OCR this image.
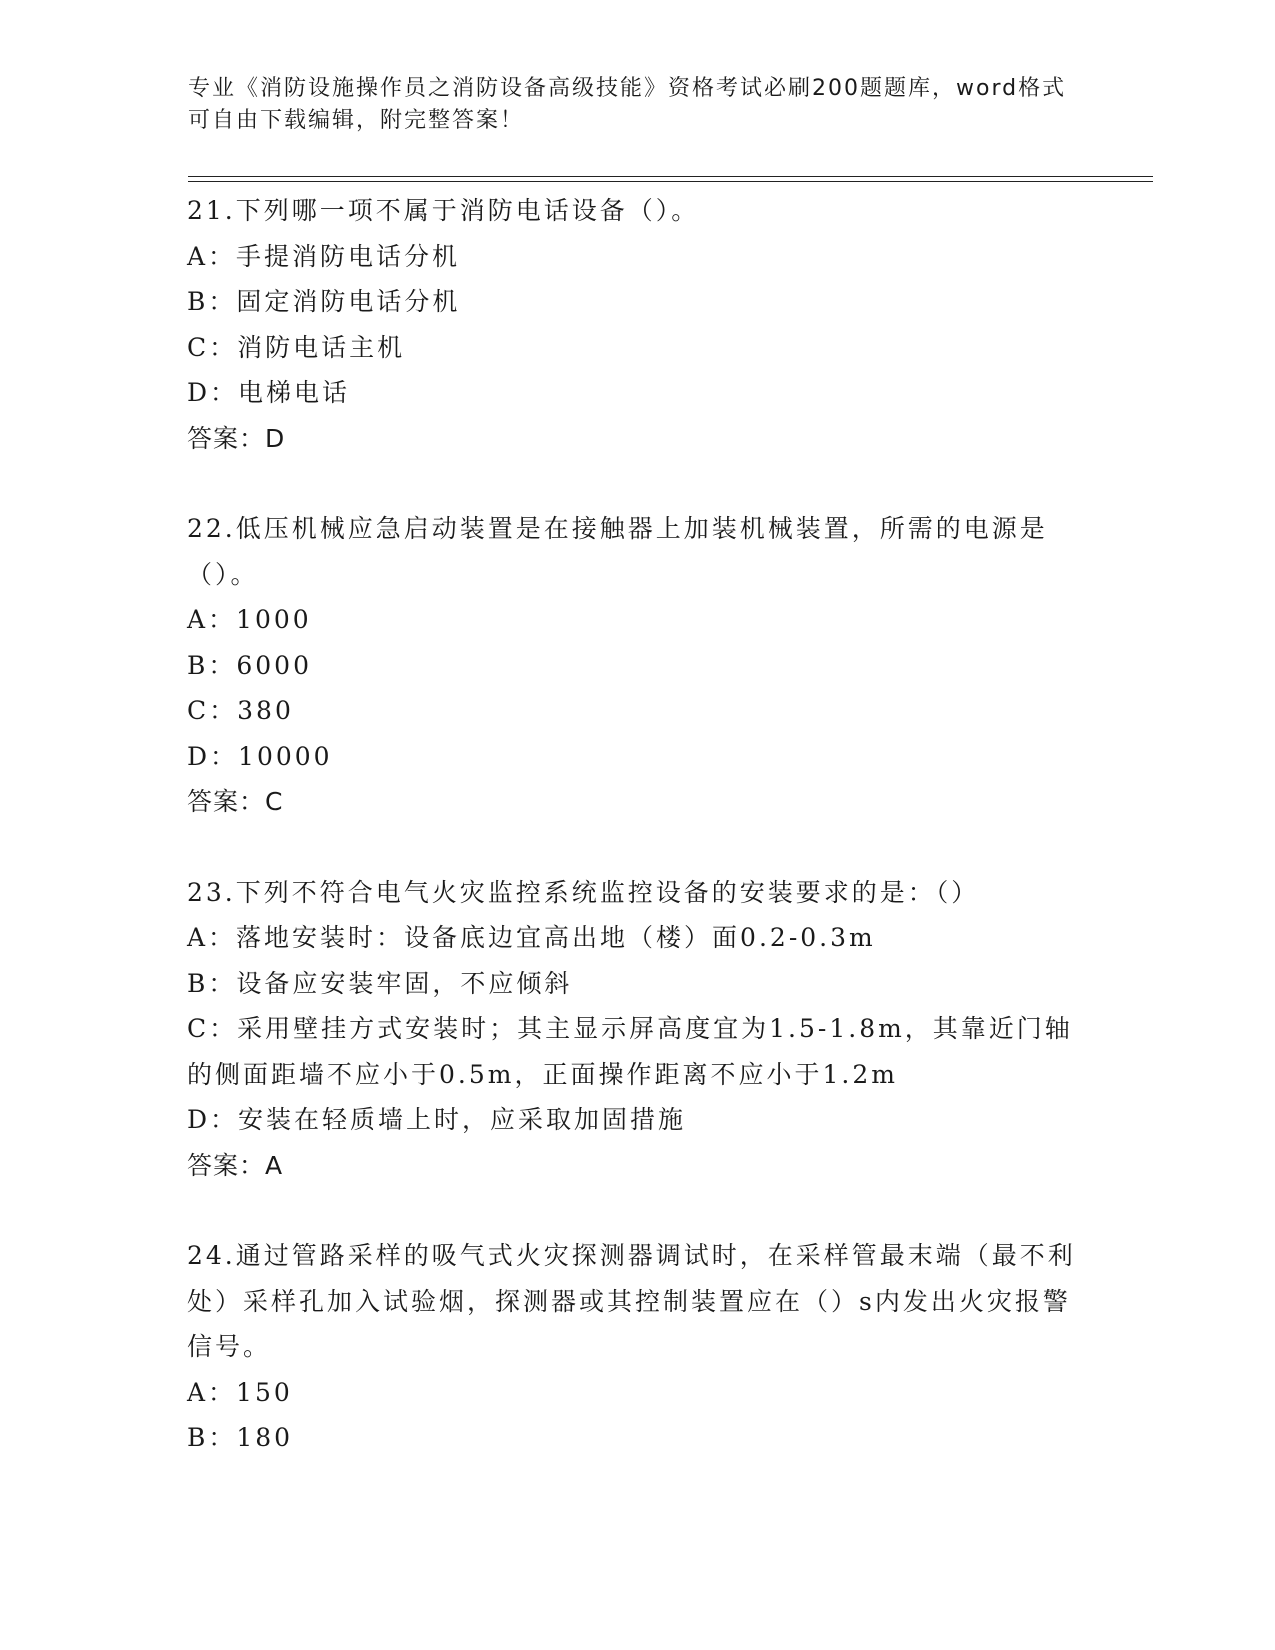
专业《消防设施操作员之消防设备高级技能》资格考试必刷200题题库，word格式可自由下载编辑，附完整答案！
21.下列哪一项不属于消防电话设备（）。
A：手提消防电话分机
B：固定消防电话分机
C：消防电话主机
D：电梯电话
答案：D
22.低压机械应急启动装置是在接触器上加装机械装置，所需的电源是（）。
A：1000
B：6000
C：380
D：10000
答案：C
23.下列不符合电气火灾监控系统监控设备的安装要求的是：（）
A：落地安装时：设备底边宜高出地（楼）面0.2-0.3m
B：设备应安装牢固，不应倾斜
C：采用壁挂方式安装时；其主显示屏高度宜为1.5-1.8m，其靠近门轴的侧面距墙不应小于0.5m，正面操作距离不应小于1.2m
D：安装在轻质墙上时，应采取加固措施
答案：A
24.通过管路采样的吸气式火灾探测器调试时，在采样管最末端（最不利处）采样孔加入试验烟，探测器或其控制装置应在（）s内发出火灾报警信号。
A：150
B：180
